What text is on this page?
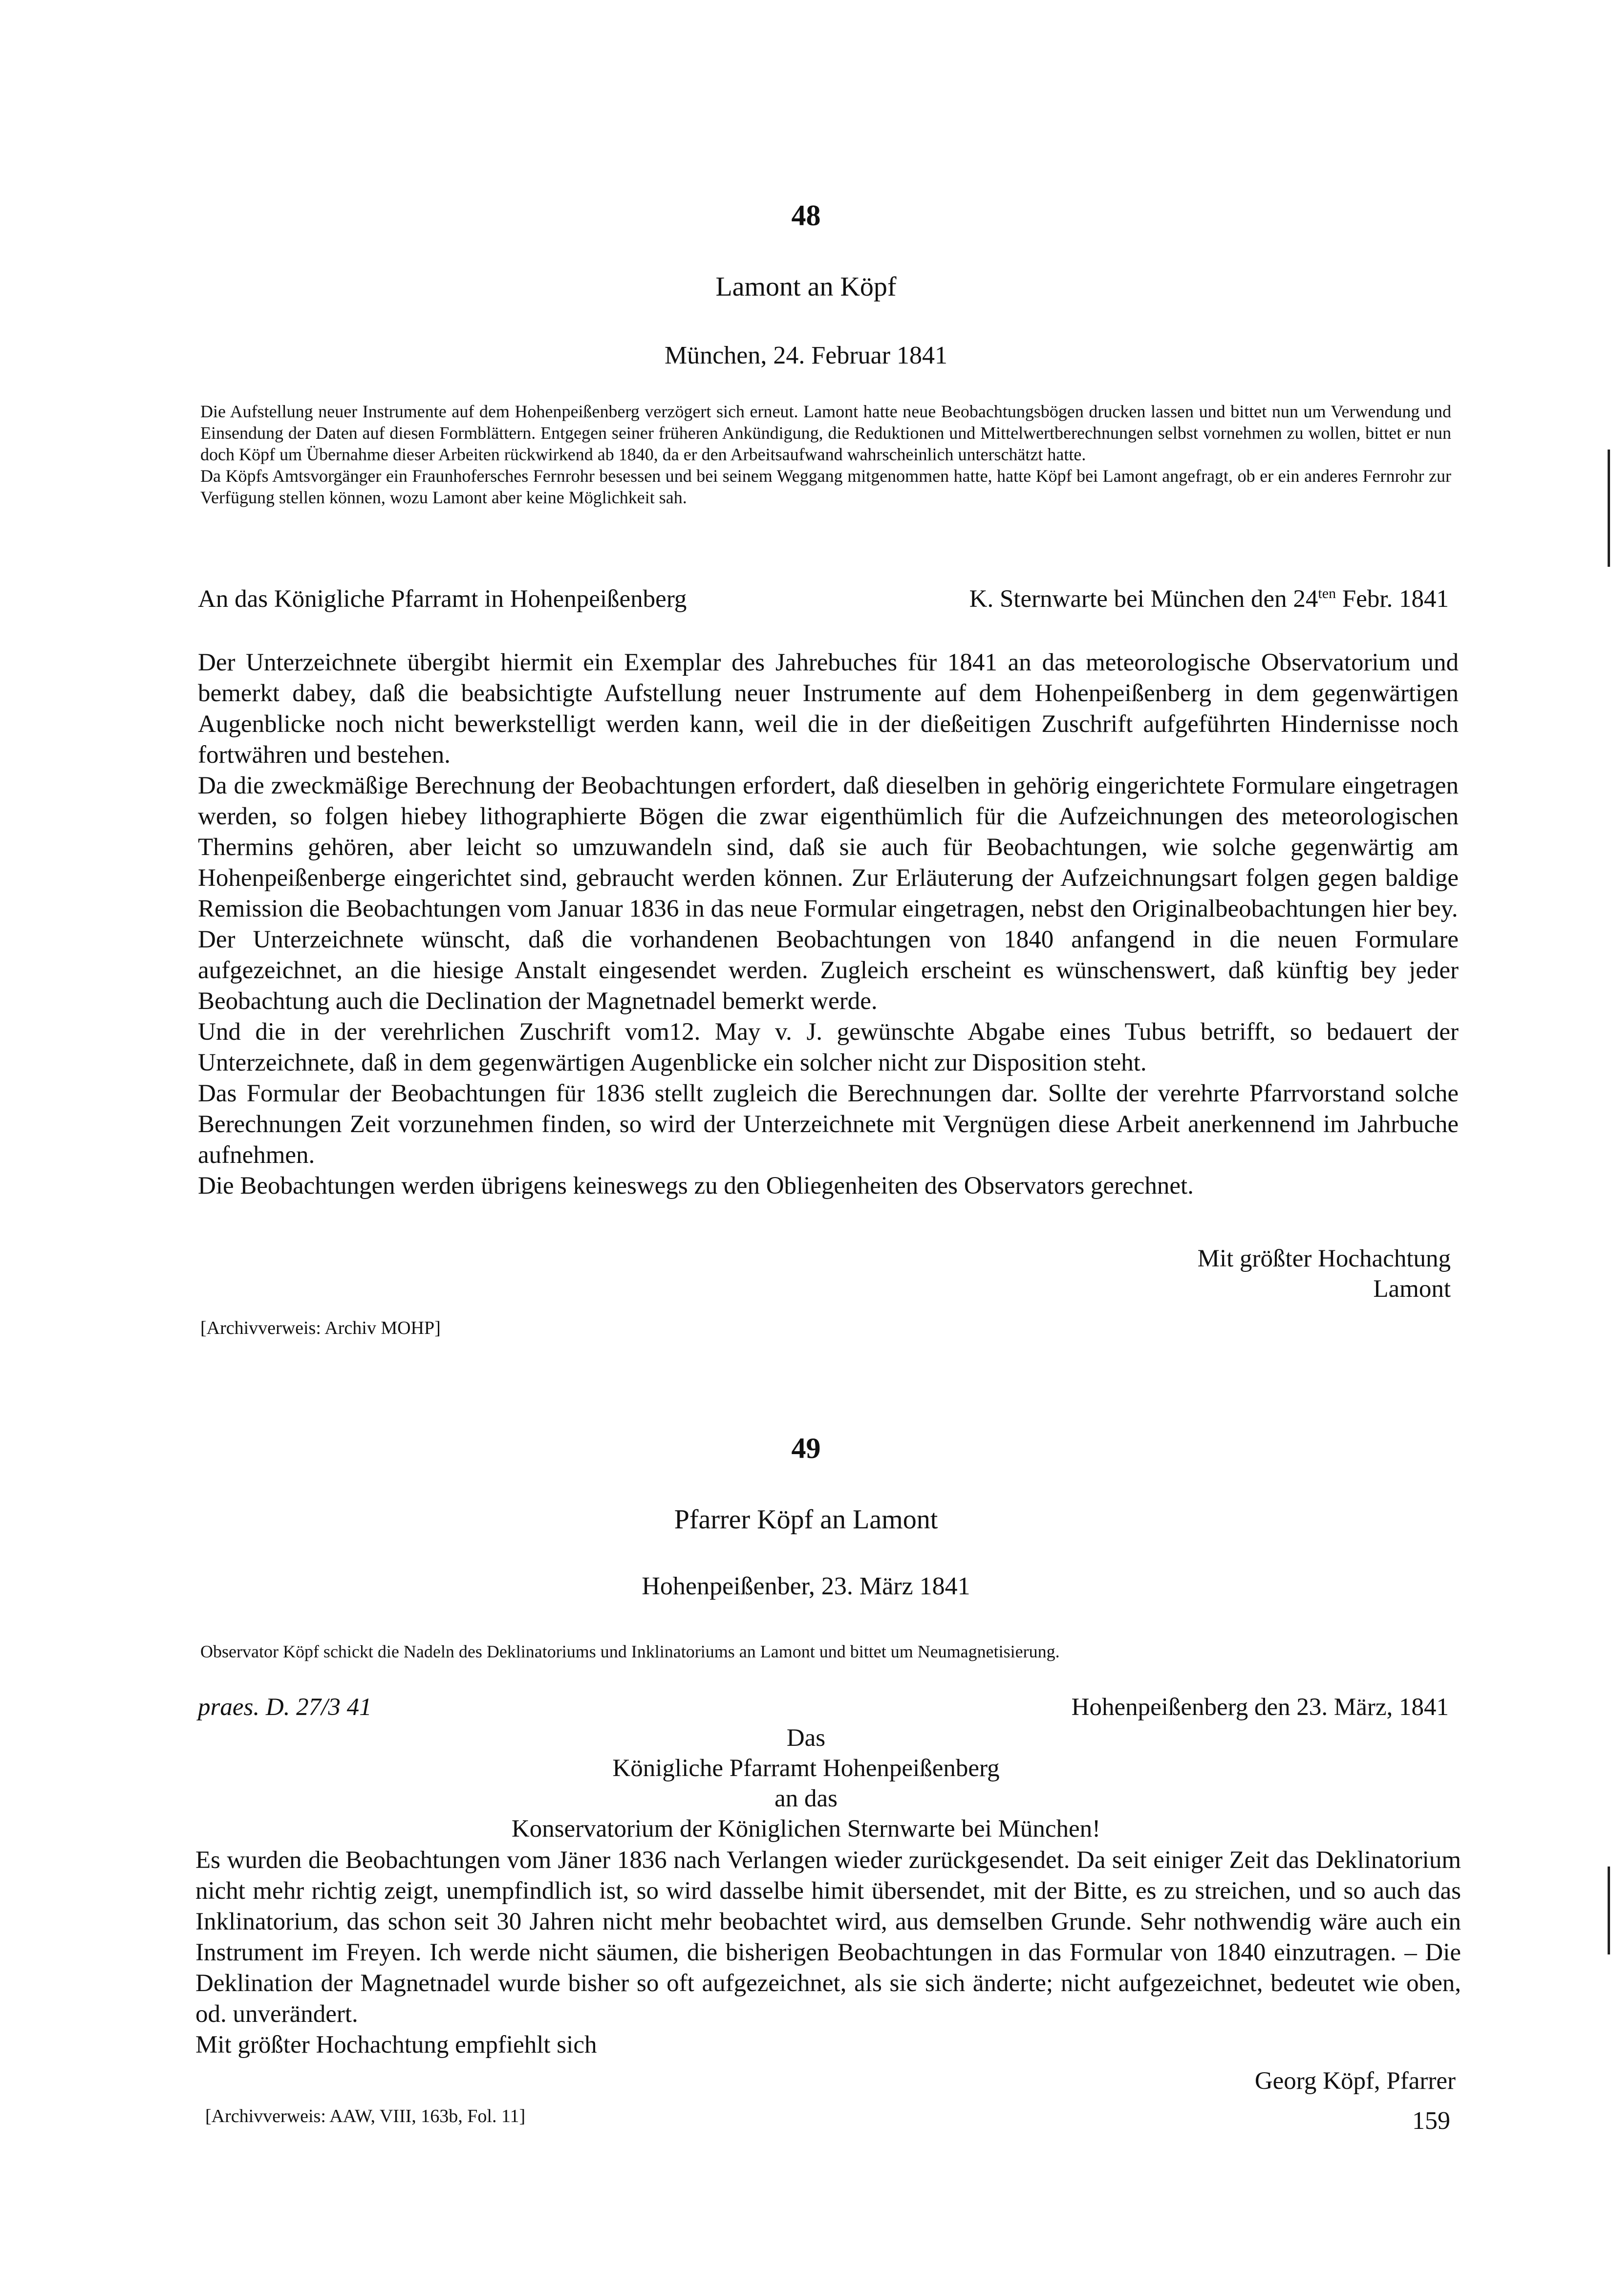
48
Lamont an Köpf
München, 24. Februar 1841

Die Aufstellung neuer Instrumente auf dem Hohenpeißenberg verzögert sich erneut. Lamont hatte neue Beobachtungsbögen drucken lassen und bittet nun um Verwendung und Einsendung der Daten auf diesen Formblättern. Entgegen seiner früheren Ankündigung, die Reduktionen und Mittelwertberechnungen selbst vornehmen zu wollen, bittet er nun doch Köpf um Übernahme dieser Arbeiten rückwirkend ab 1840, da er den Arbeitsaufwand wahrscheinlich unterschätzt hatte.

Da Köpfs Amtsvorgänger ein Fraunhofersches Fernrohr besessen und bei seinem Weggang mitgenommen hatte, hatte Köpf bei Lamont angefragt, ob er ein anderes Fernrohr zur Verfügung stellen können, wozu Lamont aber keine Möglichkeit sah.

An das Königliche Pfarramt in Hohenpeißenberg	K. Sternwarte bei München den $24^{ten}$ Febr. 1841

Der Unterzeichnete übergibt hiermit ein Exemplar des Jahrebuches für 1841 an das meteorologische Observatorium und bemerkt dabey, daß die beabsichtigte Aufstellung neuer Instrumente auf dem Hohenpeißenberg in dem gegenwärtigen Augenblicke noch nicht bewerkstelligt werden kann, weil die in der dießeitigen Zuschrift aufgeführten Hindernisse noch fortwähren und bestehen.

Da die zweckmäßige Berechnung der Beobachtungen erfordert, daß dieselben in gehörig eingerichtete Formulare eingetragen werden, so folgen hiebey lithographierte Bögen die zwar eigenthümlich für die Aufzeichnungen des meteorologischen Thermins gehören, aber leicht so umzuwandeln sind, daß sie auch für Beobachtungen, wie solche gegenwärtig am Hohenpeißenberge eingerichtet sind, gebraucht werden können. Zur Erläuterung der Aufzeichnungsart folgen gegen baldige Remission die Beobachtungen vom Januar 1836 in das neue Formular eingetragen, nebst den Originalbeobachtungen hier bey.

Der Unterzeichnete wünscht, daß die vorhandenen Beobachtungen von 1840 anfangend in die neuen Formulare aufgezeichnet, an die hiesige Anstalt eingesendet werden. Zugleich erscheint es wünschenswert, daß künftig bey jeder Beobachtung auch die Declination der Magnetnadel bemerkt werde.

Und die in der verehrlichen Zuschrift vom12. May v. J. gewünschte Abgabe eines Tubus betrifft, so bedauert der Unterzeichnete, daß in dem gegenwärtigen Augenblicke ein solcher nicht zur Disposition steht.

Das Formular der Beobachtungen für 1836 stellt zugleich die Berechnungen dar. Sollte der verehrte Pfarrvorstand solche Berechnungen Zeit vorzunehmen finden, so wird der Unterzeichnete mit Vergnügen diese Arbeit anerkennend im Jahrbuche aufnehmen.

Die Beobachtungen werden übrigens keineswegs zu den Obliegenheiten des Observators gerechnet.

Mit größter Hochachtung
Lamont
[Archivverweis: Archiv MOHP]
49
Pfarrer Köpf an Lamont
Hohenpeißenber, 23. März 1841

Observator Köpf schickt die Nadeln des Deklinatoriums und Inklinatoriums an Lamont und bittet um Neumagnetisierung.

praes. D. 27/3 41	Hohenpeißenberg den 23. März, 1841
Das
Königliche Pfarramt Hohenpeißenberg
an das
Konservatorium der Königlichen Sternwarte bei München!

Es wurden die Beobachtungen vom Jäner 1836 nach Verlangen wieder zurückgesendet. Da seit einiger Zeit das Deklinatorium nicht mehr richtig zeigt, unempfindlich ist, so wird dasselbe himit übersendet, mit der Bitte, es zu streichen, und so auch das Inklinatorium, das schon seit 30 Jahren nicht mehr beobachtet wird, aus demselben Grunde. Sehr nothwendig wäre auch ein Instrument im Freyen. Ich werde nicht säumen, die bisherigen Beobachtungen in das Formular von 1840 einzutragen. – Die Deklination der Magnetnadel wurde bisher so oft aufgezeichnet, als sie sich änderte; nicht aufgezeichnet, bedeutet wie oben, od. unverändert.

Mit größter Hochachtung empfiehlt sich

Georg Köpf, Pfarrer
[Archivverweis: AAW, VIII, 163b, Fol. 11]	159
